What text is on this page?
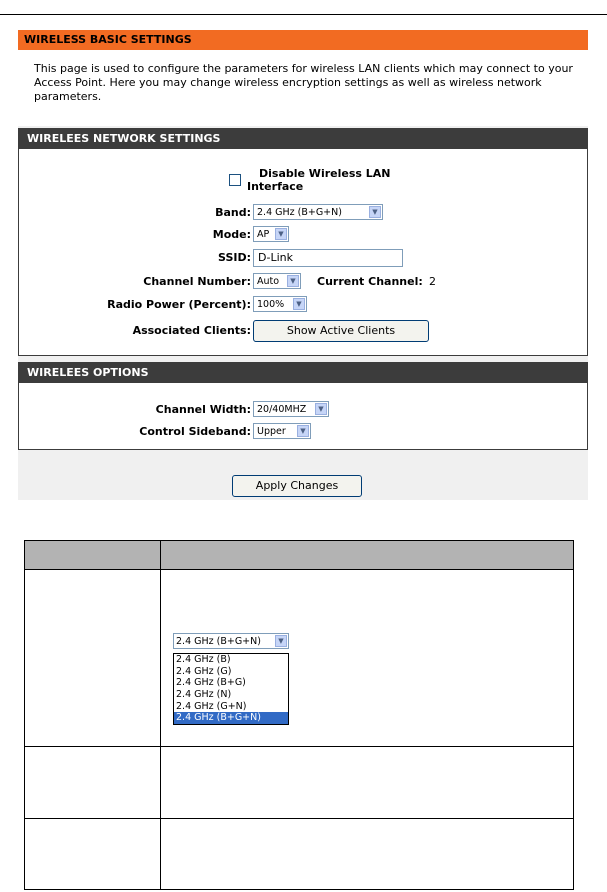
WIRELESS BASIC SETTINGS
This page is used to configure the parameters for wireless LAN clients which may connect to your Access Point. Here you may change wireless encryption settings as well as wireless network parameters.
WIRELEES NETWORK SETTINGS
Disable Wireless LAN
Interface
Band: 2.4 GHz (B+G+N)	▼
Mode: AP	▼
SSID: D-Link
Channel Number: Auto	▼	Current Channel: 2
Radio Power (Percent): 100%	▼
Associated Clients:	Show Active Clients
WIRELEES OPTIONS
Channel Width: 20/40MHZ	▼
Control Sideband: Upper	▼
Apply Changes
2.4 GHz (B+G+N)	▼
2.4 GHz (B)
2.4 GHz (G)
2.4 GHz (B+G)
2.4 GHz (N)
2.4 GHz (G+N)
2.4 GHz (B+G+N)
